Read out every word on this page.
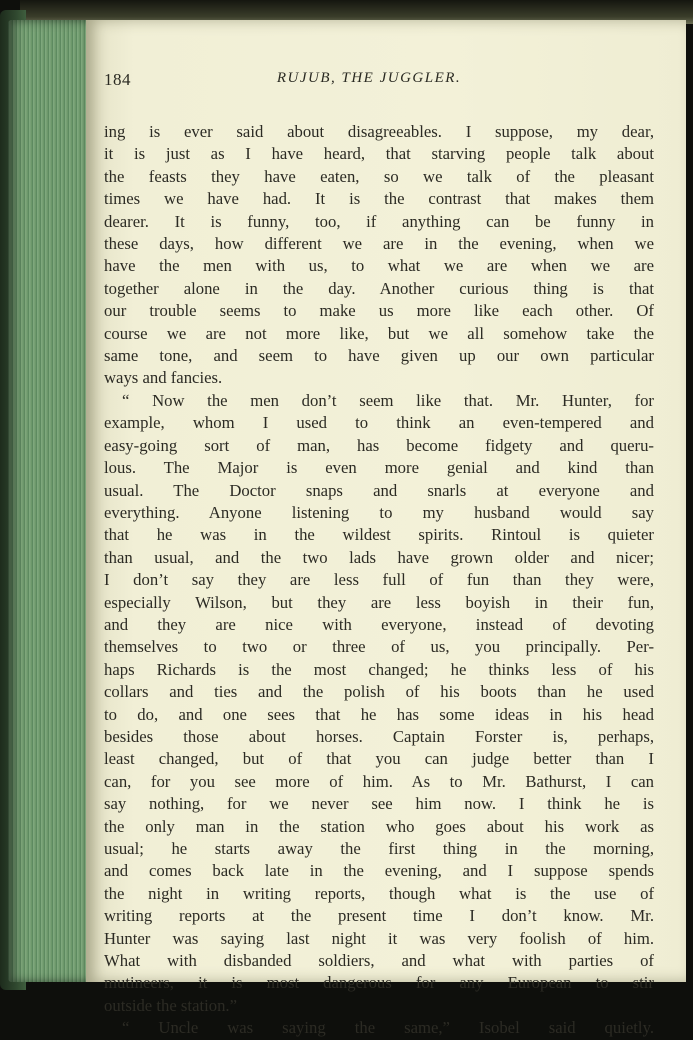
184	RUJUB, THE JUGGLER.
ing is ever said about disagreeables. I suppose, my dear,
it is just as I have heard, that starving people talk about
the feasts they have eaten, so we talk of the pleasant
times we have had. It is the contrast that makes them
dearer. It is funny, too, if anything can be funny in
these days, how different we are in the evening, when we
have the men with us, to what we are when we are
together alone in the day. Another curious thing is that
our trouble seems to make us more like each other. Of
course we are not more like, but we all somehow take the
same tone, and seem to have given up our own particular
ways and fancies.
“ Now the men don’t seem like that. Mr. Hunter, for
example, whom I used to think an even-tempered and
easy-going sort of man, has become fidgety and queru-
lous. The Major is even more genial and kind than
usual. The Doctor snaps and snarls at everyone and
everything. Anyone listening to my husband would say
that he was in the wildest spirits. Rintoul is quieter
than usual, and the two lads have grown older and nicer;
I don’t say they are less full of fun than they were,
especially Wilson, but they are less boyish in their fun,
and they are nice with everyone, instead of devoting
themselves to two or three of us, you principally. Per-
haps Richards is the most changed; he thinks less of his
collars and ties and the polish of his boots than he used
to do, and one sees that he has some ideas in his head
besides those about horses. Captain Forster is, perhaps,
least changed, but of that you can judge better than I
can, for you see more of him. As to Mr. Bathurst, I can
say nothing, for we never see him now. I think he is
the only man in the station who goes about his work as
usual; he starts away the first thing in the morning,
and comes back late in the evening, and I suppose spends
the night in writing reports, though what is the use of
writing reports at the present time I don’t know. Mr.
Hunter was saying last night it was very foolish of him.
What with disbanded soldiers, and what with parties of
mutineers, it is most dangerous for any European to stir
outside the station.”
“ Uncle was saying the same,” Isobel said quietly.
